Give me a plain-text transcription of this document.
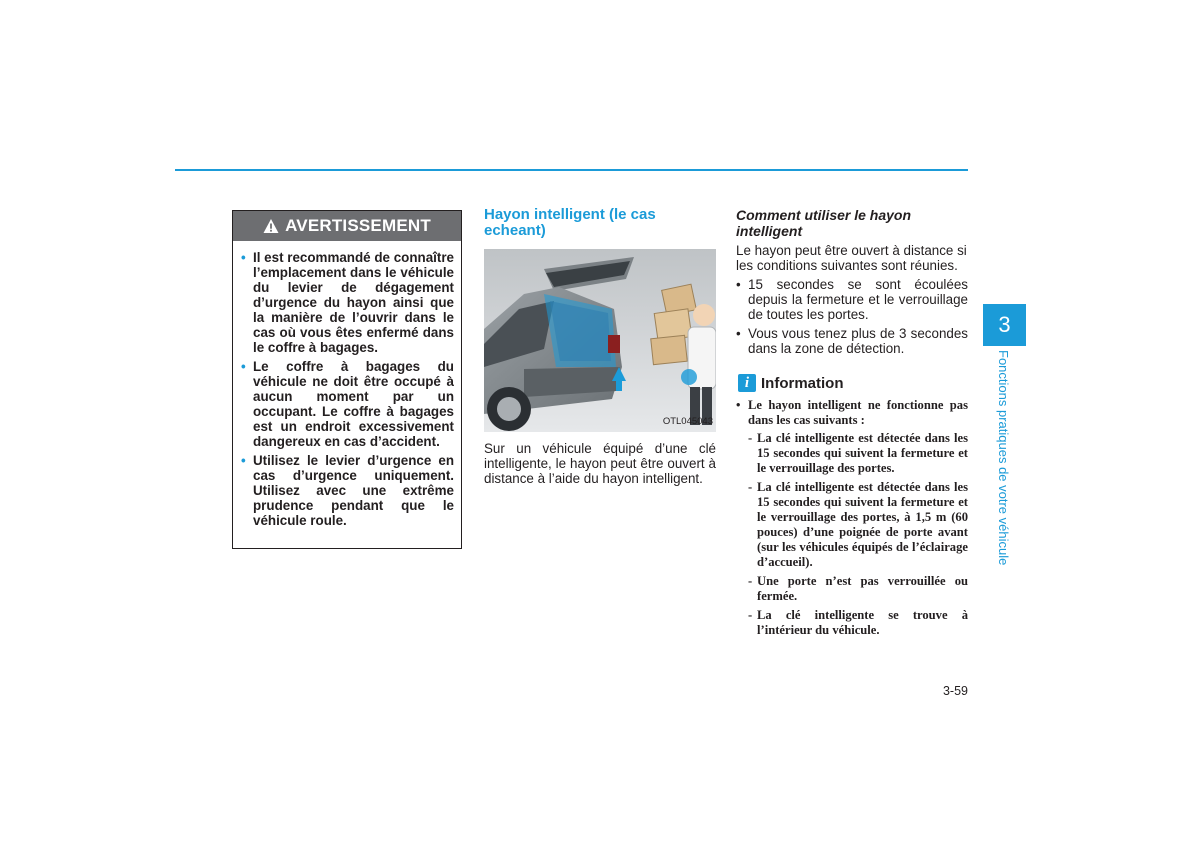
AVERTISSEMENT
• Il est recommandé de connaître l’emplacement dans le véhicule du levier de dégagement d’urgence du hayon ainsi que la manière de l’ouvrir dans le cas où vous êtes enfermé dans le coffre à bagages.
• Le coffre à bagages du véhicule ne doit être occupé à aucun moment par un occupant. Le coffre à bagages est un endroit excessivement dangereux en cas d’accident.
• Utilisez le levier d’urgence en cas d’urgence uniquement. Utilisez avec une extrême prudence pendant que le véhicule roule.
Hayon intelligent (le cas echeant)
OTL045043

Sur un véhicule équipé d’une clé intelligente, le hayon peut être ouvert à distance à l’aide du hayon intelligent.

Comment utiliser le hayon intelligent

Le hayon peut être ouvert à distance si les conditions suivantes sont réunies.

• 15 secondes se sont écoulées depuis la fermeture et le verrouillage de toutes les portes.
• Vous vous tenez plus de 3 secondes dans la zone de détection.
i Information

• Le hayon intelligent ne fonctionne pas dans les cas suivants :

- La clé intelligente est détectée dans les 15 secondes qui suivent la fermeture et le verrouillage des portes.
- La clé intelligente est détectée dans les 15 secondes qui suivent la fermeture et le verrouillage des portes, à 1,5 m (60 pouces) d’une poignée de porte avant (sur les véhicules équipés de l’éclairage d’accueil).
- Une porte n’est pas verrouillée ou fermée.
- La clé intelligente se trouve à l’intérieur du véhicule.
3-59
3
Fonctions pratiques de votre véhicule
